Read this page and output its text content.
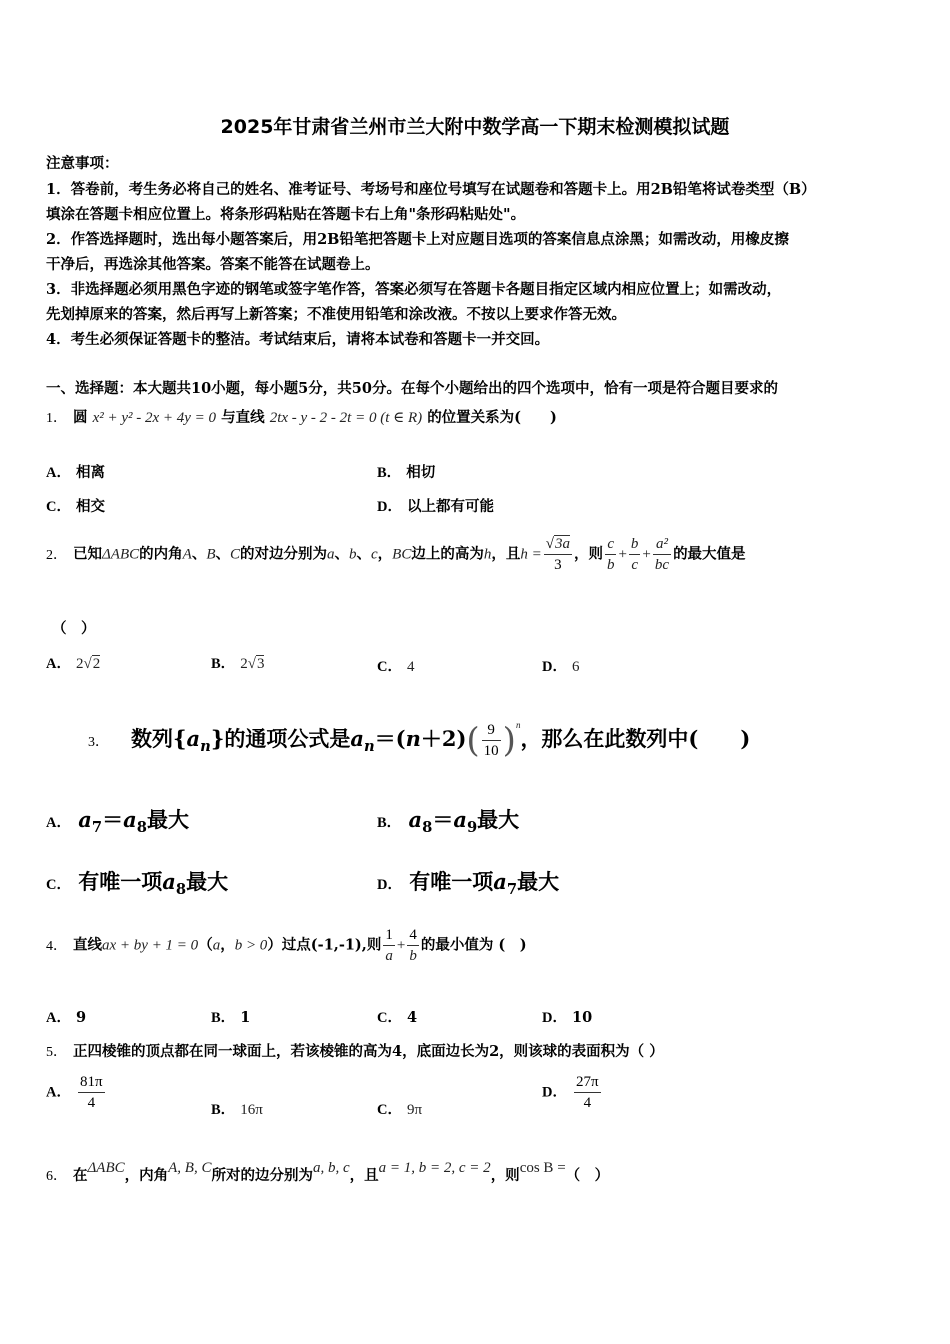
2025年甘肃省兰州市兰大附中数学高一下期末检测模拟试题
注意事项：
1．答卷前，考生务必将自己的姓名、准考证号、考场号和座位号填写在试题卷和答题卡上。用2B铅笔将试卷类型（B）
填涂在答题卡相应位置上。将条形码粘贴在答题卡右上角"条形码粘贴处"。
2．作答选择题时，选出每小题答案后，用2B铅笔把答题卡上对应题目选项的答案信息点涂黑；如需改动，用橡皮擦
干净后，再选涂其他答案。答案不能答在试题卷上。
3．非选择题必须用黑色字迹的钢笔或签字笔作答，答案必须写在答题卡各题目指定区域内相应位置上；如需改动，
先划掉原来的答案，然后再写上新答案；不准使用铅笔和涂改液。不按以上要求作答无效。
4．考生必须保证答题卡的整洁。考试结束后，请将本试卷和答题卡一并交回。
一、选择题：本大题共10小题，每小题5分，共50分。在每个小题给出的四个选项中，恰有一项是符合题目要求的
1． 圆 x² + y² - 2x + 4y = 0 与直线 2tx - y - 2 - 2t = 0 (t ∈ R) 的位置关系为(　　)
A． 相离	B． 相切
C． 相交	D． 以上都有可能
2． 已知ΔABC的内角A、B、C的对边分别为a、b、c，BC边上的高为h，且$h = \frac{√3a}{3}$ ，则 $\frac{c}{b} + \frac{b}{c} + \frac{\text{a²}}{bc}$ 的最大值是
（　）
A． 2√2	B． 2√3	C． 4	D． 6
3． 数列$\{a_n\}$的通项公式是$a_n=(n+2)( \frac{9}{10} )^n$，那么在此数列中(　　)
A． $a_7=a_8$最大	B． $a_8=a_9$最大
C． 有唯一项$a_8$最大	D． 有唯一项$a_7$最大
4． 直线ax + by + 1 = 0（a，b > 0）过点(-1,-1),则 $\frac{1}{a} + \frac{4}{b}$ 的最小值为 (　)
A． 9	B． 1	C． 4	D． 10
5． 正四棱锥的顶点都在同一球面上，若该棱锥的高为4，底面边长为2，则该球的表面积为（ ）
A． $\frac{81\pi}{4}$	B． 16π	C． 9π
D． $\frac{27\pi}{4}$
6． 在ΔABC，内角A, B, C所对的边分别为a, b, c，且a = 1, b = 2, c = 2，则cos B =（　）
